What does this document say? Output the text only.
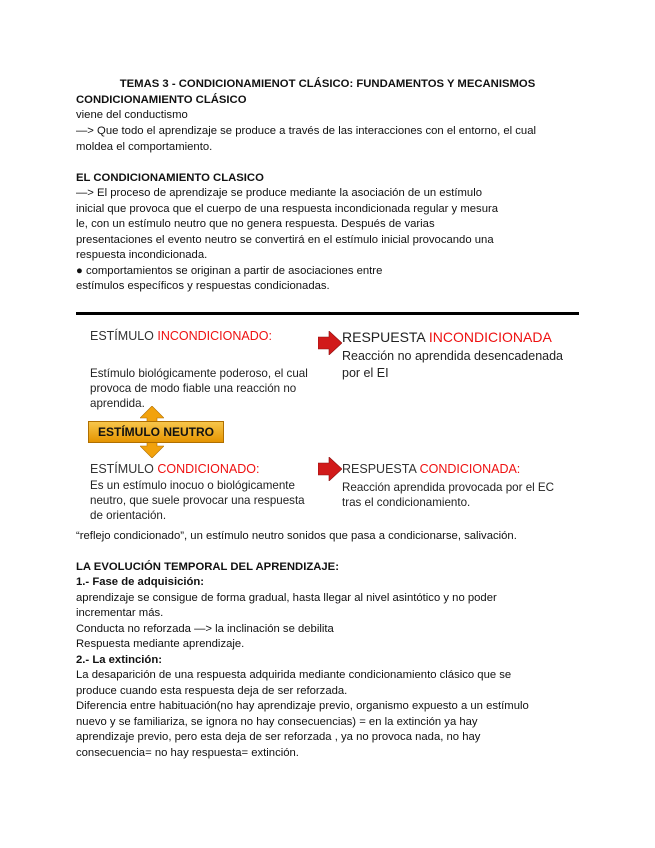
TEMAS 3 - CONDICIONAMIENOT CLÁSICO: FUNDAMENTOS Y MECANISMOS
CONDICIONAMIENTO CLÁSICO
viene del conductismo
—> Que todo el aprendizaje se produce a través de las interacciones con el entorno, el cual
moldea el comportamiento.
EL CONDICIONAMIENTO CLASICO
—> El proceso de aprendizaje se produce mediante la asociación de un estímulo
inicial que provoca que el cuerpo de una respuesta incondicionada regular y mesura
le, con un estímulo neutro que no genera respuesta. Después de varias
presentaciones el evento neutro se convertirá en el estímulo inicial provocando una
respuesta incondicionada.
● comportamientos se originan a partir de asociaciones entre
estímulos específicos y respuestas condicionadas.
ESTÍMULO INCONDICIONADO:
Estímulo biológicamente poderoso, el cual
provoca de modo fiable una reacción no
aprendida.
RESPUESTA INCONDICIONADA
Reacción no aprendida desencadenada
por el EI
ESTÍMULO NEUTRO
ESTÍMULO CONDICIONADO:
Es un estímulo inocuo o biológicamente
neutro, que suele provocar una respuesta
de orientación.
RESPUESTA CONDICIONADA:
Reacción aprendida provocada por el EC
tras el condicionamiento.
“reflejo condicionado”, un estímulo neutro sonidos que pasa a condicionarse, salivación.
LA EVOLUCIÓN TEMPORAL DEL APRENDIZAJE:
1.- Fase de adquisición:
aprendizaje se consigue de forma gradual, hasta llegar al nivel asintótico y no poder
incrementar más.
Conducta no reforzada —> la inclinación se debilita
Respuesta mediante aprendizaje.
2.- La extinción:
La desaparición de una respuesta adquirida mediante condicionamiento clásico que se
produce cuando esta respuesta deja de ser reforzada.
Diferencia entre habituación(no hay aprendizaje previo, organismo expuesto a un estímulo
nuevo y se familiariza, se ignora no hay consecuencias) = en la extinción ya hay
aprendizaje previo, pero esta deja de ser reforzada , ya no provoca nada, no hay
consecuencia= no hay respuesta= extinción.
